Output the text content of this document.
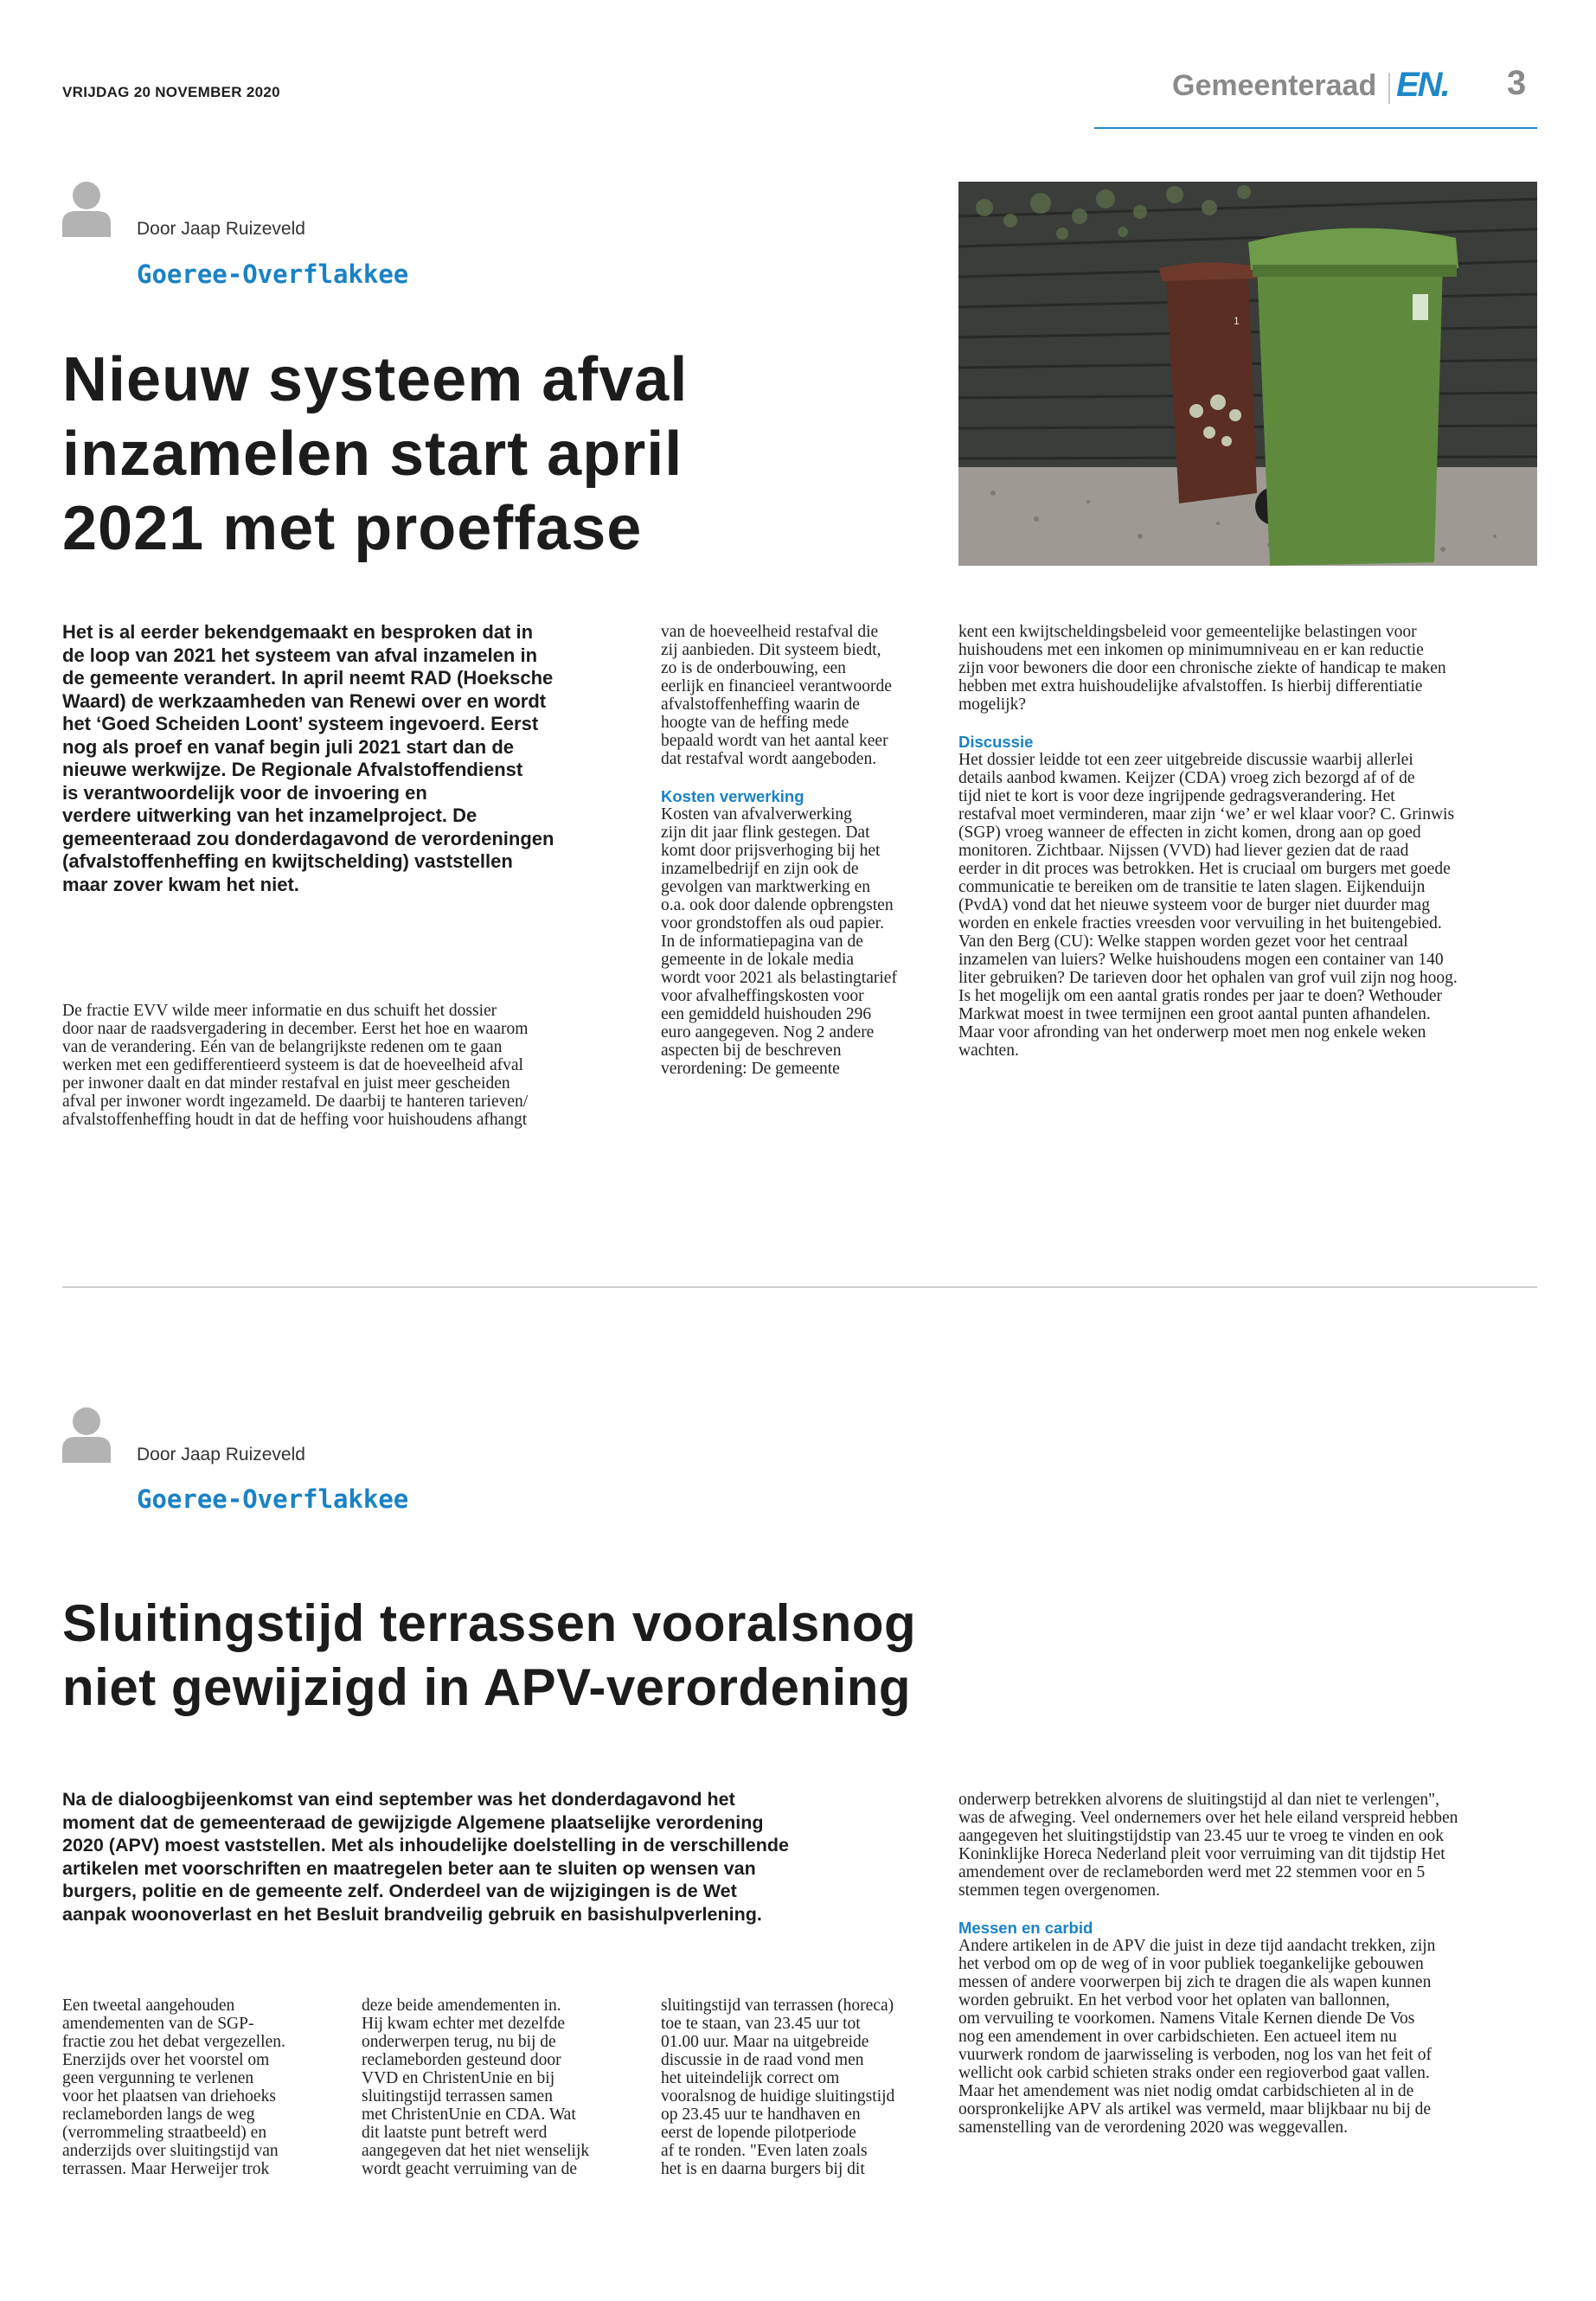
VRIJDAG 20 NOVEMBER 2020	Gemeenteraad EN. 3
Door Jaap Ruizeveld
Goeree-Overflakkee
Nieuw systeem afval
inzamelen start april
2021 met proeffase
1

Het is al eerder bekendgemaakt en besproken dat in
de loop van 2021 het systeem van afval inzamelen in
de gemeente verandert. In april neemt RAD (Hoeksche
Waard) de werkzaamheden van Renewi over en wordt
het ‘Goed Scheiden Loont’ systeem ingevoerd. Eerst
nog als proef en vanaf begin juli 2021 start dan de
nieuwe werkwijze. De Regionale Afvalstoffendienst
is verantwoordelijk voor de invoering en
verdere uitwerking van het inzamelproject. De
gemeenteraad zou donderdagavond de verordeningen
(afvalstoffenheffing en kwijtschelding) vaststellen
maar zover kwam het niet.

De fractie EVV wilde meer informatie en dus schuift het dossier
door naar de raadsvergadering in december. Eerst het hoe en waarom
van de verandering. Eén van de belangrijkste redenen om te gaan
werken met een gedifferentieerd systeem is dat de hoeveelheid afval
per inwoner daalt en dat minder restafval en juist meer gescheiden
afval per inwoner wordt ingezameld. De daarbij te hanteren tarieven/
afvalstoffenheffing houdt in dat de heffing voor huishoudens afhangt

van de hoeveelheid restafval die
zij aanbieden. Dit systeem biedt,
zo is de onderbouwing, een
eerlijk en financieel verantwoorde
afvalstoffenheffing waarin de
hoogte van de heffing mede
bepaald wordt van het aantal keer
dat restafval wordt aangeboden.

Kosten verwerking

Kosten van afvalverwerking
zijn dit jaar flink gestegen. Dat
komt door prijsverhoging bij het
inzamelbedrijf en zijn ook de
gevolgen van marktwerking en
o.a. ook door dalende opbrengsten
voor grondstoffen als oud papier.
In de informatiepagina van de
gemeente in de lokale media
wordt voor 2021 als belastingtarief
voor afvalheffingskosten voor
een gemiddeld huishouden 296
euro aangegeven. Nog 2 andere
aspecten bij de beschreven
verordening: De gemeente

kent een kwijtscheldingsbeleid voor gemeentelijke belastingen voor
huishoudens met een inkomen op minimumniveau en er kan reductie
zijn voor bewoners die door een chronische ziekte of handicap te maken
hebben met extra huishoudelijke afvalstoffen. Is hierbij differentiatie
mogelijk?

Discussie

Het dossier leidde tot een zeer uitgebreide discussie waarbij allerlei
details aanbod kwamen. Keijzer (CDA) vroeg zich bezorgd af of de
tijd niet te kort is voor deze ingrijpende gedragsverandering. Het
restafval moet verminderen, maar zijn ‘we’ er wel klaar voor? C. Grinwis
(SGP) vroeg wanneer de effecten in zicht komen, drong aan op goed
monitoren. Zichtbaar. Nijssen (VVD) had liever gezien dat de raad
eerder in dit proces was betrokken. Het is cruciaal om burgers met goede
communicatie te bereiken om de transitie te laten slagen. Eijkenduijn
(PvdA) vond dat het nieuwe systeem voor de burger niet duurder mag
worden en enkele fracties vreesden voor vervuiling in het buitengebied.
Van den Berg (CU): Welke stappen worden gezet voor het centraal
inzamelen van luiers? Welke huishoudens mogen een container van 140
liter gebruiken? De tarieven door het ophalen van grof vuil zijn nog hoog.
Is het mogelijk om een aantal gratis rondes per jaar te doen? Wethouder
Markwat moest in twee termijnen een groot aantal punten afhandelen.
Maar voor afronding van het onderwerp moet men nog enkele weken
wachten.

Door Jaap Ruizeveld
Goeree-Overflakkee
Sluitingstijd terrassen vooralsnog
niet gewijzigd in APV-verordening

Na de dialoogbijeenkomst van eind september was het donderdagavond het
moment dat de gemeenteraad de gewijzigde Algemene plaatselijke verordening
2020 (APV) moest vaststellen. Met als inhoudelijke doelstelling in de verschillende
artikelen met voorschriften en maatregelen beter aan te sluiten op wensen van
burgers, politie en de gemeente zelf. Onderdeel van de wijzigingen is de Wet
aanpak woonoverlast en het Besluit brandveilig gebruik en basishulpverlening.

Een tweetal aangehouden
amendementen van de SGP-
fractie zou het debat vergezellen.
Enerzijds over het voorstel om
geen vergunning te verlenen
voor het plaatsen van driehoeks
reclameborden langs de weg
(verrommeling straatbeeld) en
anderzijds over sluitingstijd van
terrassen. Maar Herweijer trok

deze beide amendementen in.
Hij kwam echter met dezelfde
onderwerpen terug, nu bij de
reclameborden gesteund door
VVD en ChristenUnie en bij
sluitingstijd terrassen samen
met ChristenUnie en CDA. Wat
dit laatste punt betreft werd
aangegeven dat het niet wenselijk
wordt geacht verruiming van de

sluitingstijd van terrassen (horeca)
toe te staan, van 23.45 uur tot
01.00 uur. Maar na uitgebreide
discussie in de raad vond men
het uiteindelijk correct om
vooralsnog de huidige sluitingstijd
op 23.45 uur te handhaven en
eerst de lopende pilotperiode
af te ronden. "Even laten zoals
het is en daarna burgers bij dit

onderwerp betrekken alvorens de sluitingstijd al dan niet te verlengen",
was de afweging. Veel ondernemers over het hele eiland verspreid hebben
aangegeven het sluitingstijdstip van 23.45 uur te vroeg te vinden en ook
Koninklijke Horeca Nederland pleit voor verruiming van dit tijdstip Het
amendement over de reclameborden werd met 22 stemmen voor en 5
stemmen tegen overgenomen.

Messen en carbid

Andere artikelen in de APV die juist in deze tijd aandacht trekken, zijn
het verbod om op de weg of in voor publiek toegankelijke gebouwen
messen of andere voorwerpen bij zich te dragen die als wapen kunnen
worden gebruikt. En het verbod voor het oplaten van ballonnen,
om vervuiling te voorkomen. Namens Vitale Kernen diende De Vos
nog een amendement in over carbidschieten. Een actueel item nu
vuurwerk rondom de jaarwisseling is verboden, nog los van het feit of
wellicht ook carbid schieten straks onder een regioverbod gaat vallen.
Maar het amendement was niet nodig omdat carbidschieten al in de
oorspronkelijke APV als artikel was vermeld, maar blijkbaar nu bij de
samenstelling van de verordening 2020 was weggevallen.
